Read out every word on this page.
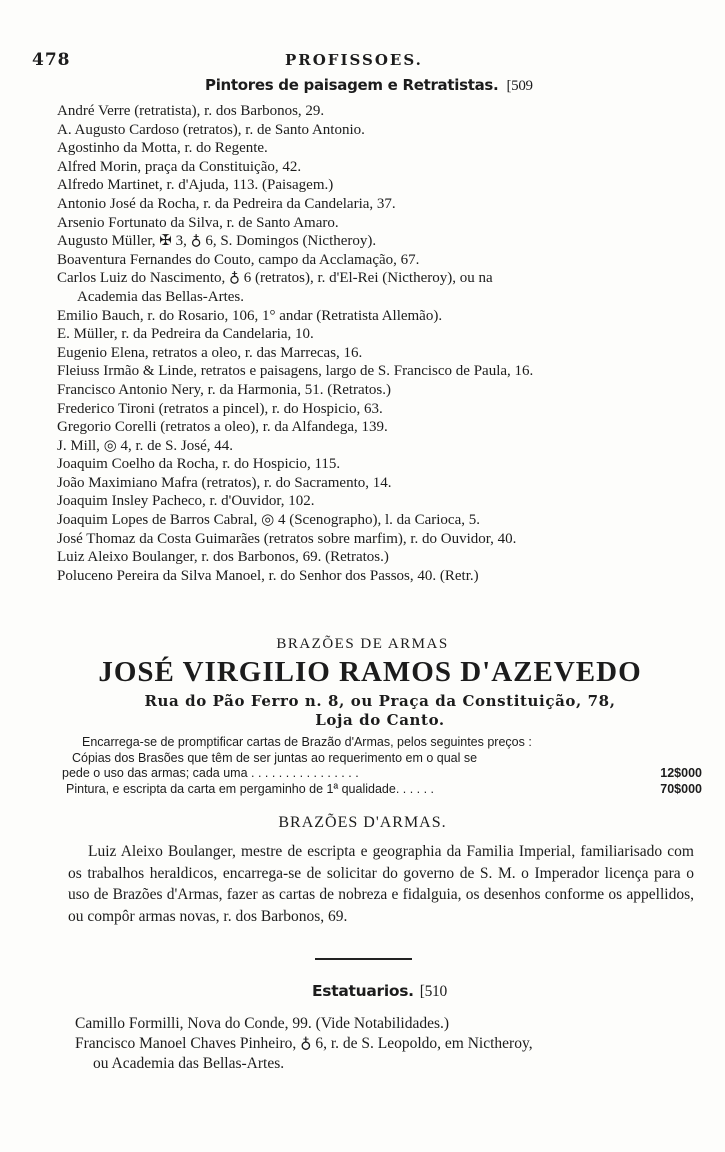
478	PROFISSOES.
Pintores de paisagem e Retratistas. [509
André Verre (retratista), r. dos Barbonos, 29.
A. Augusto Cardoso (retratos), r. de Santo Antonio.
Agostinho da Motta, r. do Regente.
Alfred Morin, praça da Constituição, 42.
Alfredo Martinet, r. d'Ajuda, 113. (Paisagem.)
Antonio José da Rocha, r. da Pedreira da Candelaria, 37.
Arsenio Fortunato da Silva, r. de Santo Amaro.
Augusto Müller, ✠ 3, ♁ 6, S. Domingos (Nictheroy).
Boaventura Fernandes do Couto, campo da Acclamação, 67.
Carlos Luiz do Nascimento, ♁ 6 (retratos), r. d'El-Rei (Nictheroy), ou na
Academia das Bellas-Artes.
Emilio Bauch, r. do Rosario, 106, 1° andar (Retratista Allemão).
E. Müller, r. da Pedreira da Candelaria, 10.
Eugenio Elena, retratos a oleo, r. das Marrecas, 16.
Fleiuss Irmão & Linde, retratos e paisagens, largo de S. Francisco de Paula, 16.
Francisco Antonio Nery, r. da Harmonia, 51. (Retratos.)
Frederico Tironi (retratos a pincel), r. do Hospicio, 63.
Gregorio Corelli (retratos a oleo), r. da Alfandega, 139.
J. Mill, ◎ 4, r. de S. José, 44.
Joaquim Coelho da Rocha, r. do Hospicio, 115.
João Maximiano Mafra (retratos), r. do Sacramento, 14.
Joaquim Insley Pacheco, r. d'Ouvidor, 102.
Joaquim Lopes de Barros Cabral, ◎ 4 (Scenographo), l. da Carioca, 5.
José Thomaz da Costa Guimarães (retratos sobre marfim), r. do Ouvidor, 40.
Luiz Aleixo Boulanger, r. dos Barbonos, 69. (Retratos.)
Poluceno Pereira da Silva Manoel, r. do Senhor dos Passos, 40. (Retr.)
BRAZÕES DE ARMAS
JOSÉ VIRGILIO RAMOS D'AZEVEDO
Rua do Pão Ferro n. 8, ou Praça da Constituição, 78,
Loja do Canto.
Encarrega-se de promptificar cartas de Brazão d'Armas, pelos seguintes preços :
Cópias dos Brasões que têm de ser juntas ao requerimento em o qual se
pede o uso das armas; cada uma . . . . . . . . . . . . . . . .	12$000
Pintura, e escripta da carta em pergaminho de 1ª qualidade. . . . . .	70$000
BRAZÕES D'ARMAS.
Luiz Aleixo Boulanger, mestre de escripta e geographia da Familia Imperial, familiarisado com os trabalhos heraldicos, encarrega-se de solicitar do governo de S. M. o Imperador licença para o uso de Brazões d'Armas, fazer as cartas de nobreza e fidalguia, os desenhos conforme os appellidos, ou compôr armas novas, r. dos Barbonos, 69.
Estatuarios. [510
Camillo Formilli, Nova do Conde, 99. (Vide Notabilidades.)
Francisco Manoel Chaves Pinheiro, ♁ 6, r. de S. Leopoldo, em Nictheroy,
ou Academia das Bellas-Artes.
